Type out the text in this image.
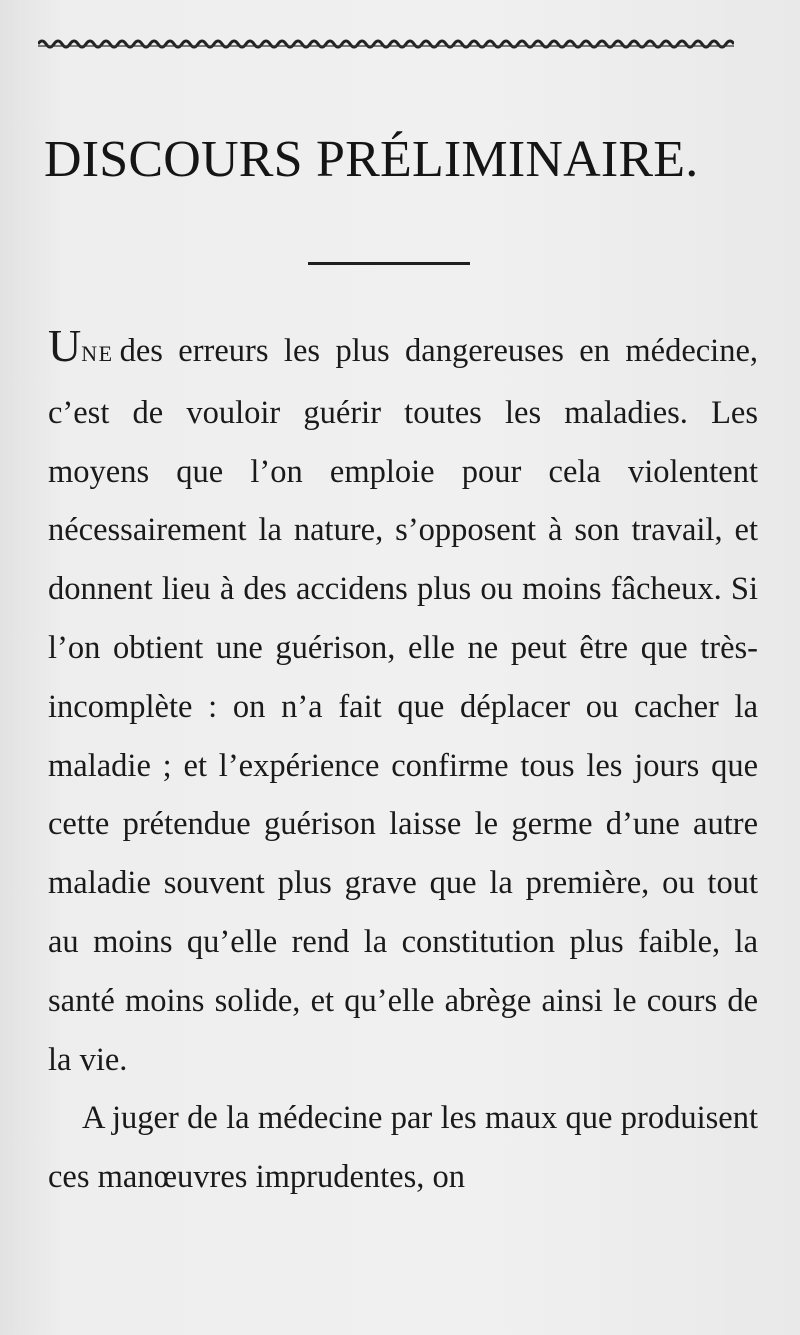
DISCOURS PRÉLIMINAIRE.

UNE des erreurs les plus dangereuses en médecine, c’est de vouloir guérir toutes les maladies. Les moyens que l’on emploie pour cela violentent nécessairement la nature, s’opposent à son travail, et donnent lieu à des accidens plus ou moins fâcheux. Si l’on obtient une guérison, elle ne peut être que très-incomplète : on n’a fait que déplacer ou cacher la maladie ; et l’expérience confirme tous les jours que cette prétendue guérison laisse le germe d’une autre maladie souvent plus grave que la première, ou tout au moins qu’elle rend la constitution plus faible, la santé moins solide, et qu’elle abrège ainsi le cours de la vie.

A juger de la médecine par les maux que produisent ces manœuvres imprudentes, on
